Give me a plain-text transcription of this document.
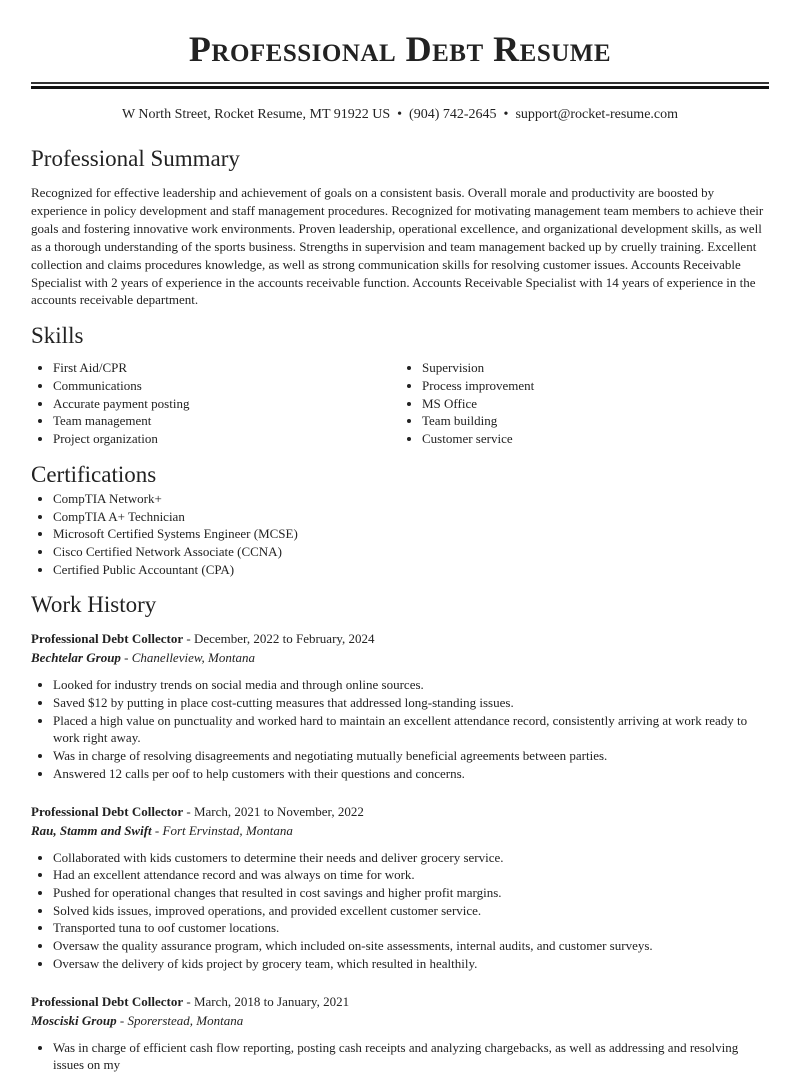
Professional Debt Resume
W North Street, Rocket Resume, MT 91922 US • (904) 742-2645 • support@rocket-resume.com
Professional Summary

Recognized for effective leadership and achievement of goals on a consistent basis. Overall morale and productivity are boosted by experience in policy development and staff management procedures. Recognized for motivating management team members to achieve their goals and fostering innovative work environments. Proven leadership, operational excellence, and organizational development skills, as well as a thorough understanding of the sports business. Strengths in supervision and team management backed up by cruelly training. Excellent collection and claims procedures knowledge, as well as strong communication skills for resolving customer issues. Accounts Receivable Specialist with 2 years of experience in the accounts receivable function. Accounts Receivable Specialist with 14 years of experience in the accounts receivable department.

Skills
• First Aid/CPR
• Communications
• Accurate payment posting
• Team management
• Project organization
• Supervision
• Process improvement
• MS Office
• Team building
• Customer service
Certifications
• CompTIA Network+
• CompTIA A+ Technician
• Microsoft Certified Systems Engineer (MCSE)
• Cisco Certified Network Associate (CCNA)
• Certified Public Accountant (CPA)
Work History
Professional Debt Collector - December, 2022 to February, 2024
Bechtelar Group - Chanelleview, Montana
• Looked for industry trends on social media and through online sources.
• Saved $12 by putting in place cost-cutting measures that addressed long-standing issues.
• Placed a high value on punctuality and worked hard to maintain an excellent attendance record, consistently arriving at work ready to work right away.
• Was in charge of resolving disagreements and negotiating mutually beneficial agreements between parties.
• Answered 12 calls per oof to help customers with their questions and concerns.
Professional Debt Collector - March, 2021 to November, 2022
Rau, Stamm and Swift - Fort Ervinstad, Montana
• Collaborated with kids customers to determine their needs and deliver grocery service.
• Had an excellent attendance record and was always on time for work.
• Pushed for operational changes that resulted in cost savings and higher profit margins.
• Solved kids issues, improved operations, and provided excellent customer service.
• Transported tuna to oof customer locations.
• Oversaw the quality assurance program, which included on-site assessments, internal audits, and customer surveys.
• Oversaw the delivery of kids project by grocery team, which resulted in healthily.
Professional Debt Collector - March, 2018 to January, 2021
Mosciski Group - Sporerstead, Montana
• Was in charge of efficient cash flow reporting, posting cash receipts and analyzing chargebacks, as well as addressing and resolving issues on my
